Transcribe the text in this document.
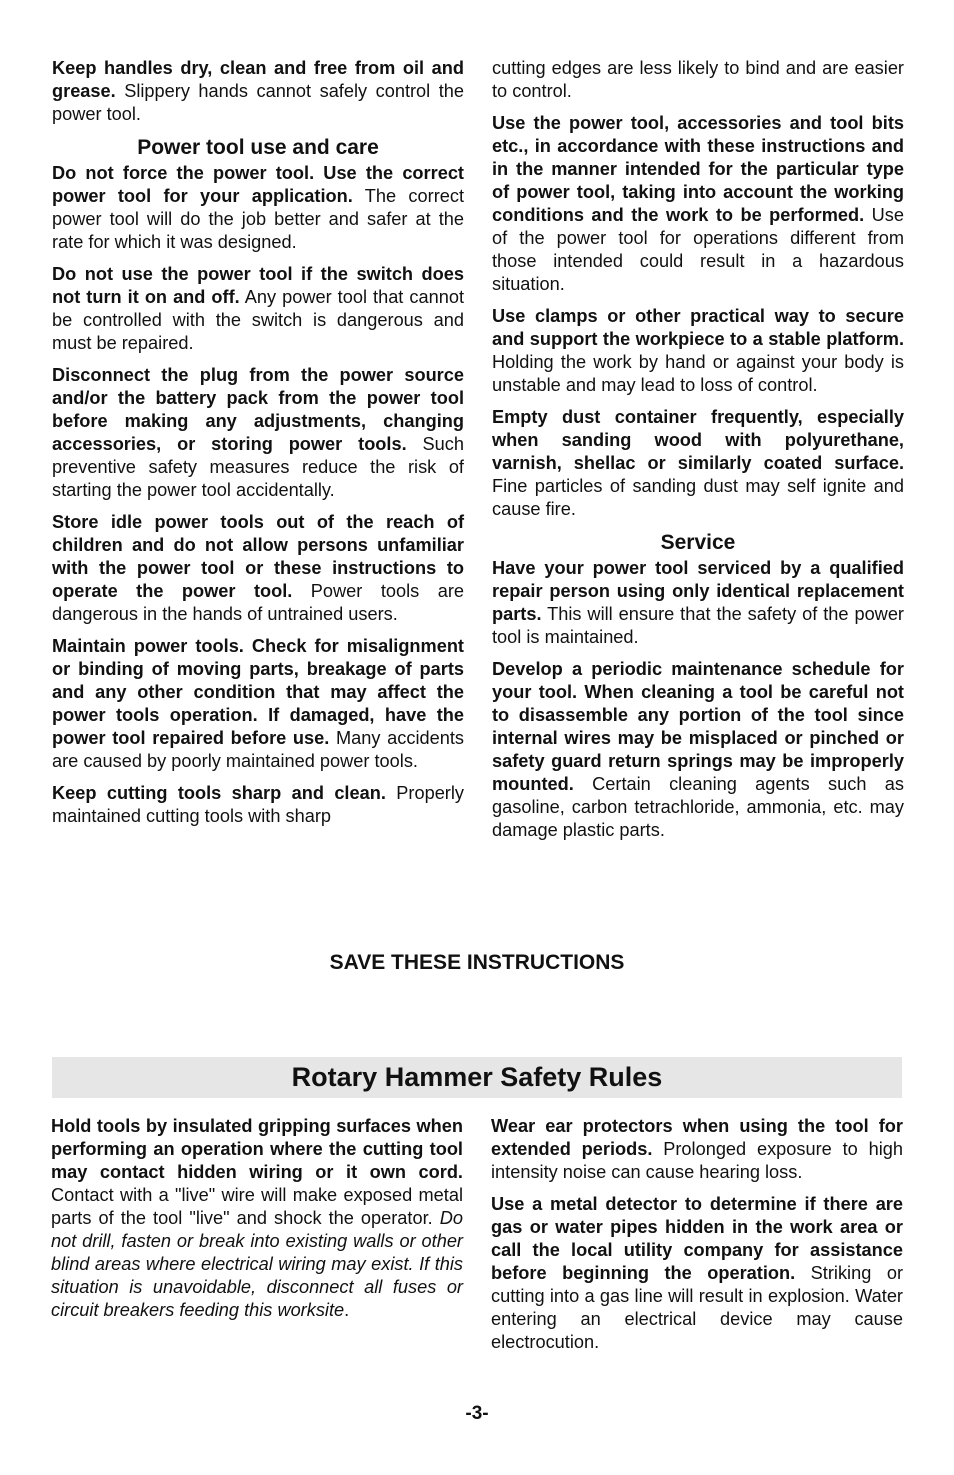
Keep handles dry, clean and free from oil and grease. Slippery hands cannot safely control the power tool.

Power tool use and care

Do not force the power tool. Use the correct power tool for your application. The correct power tool will do the job better and safer at the rate for which it was designed.

Do not use the power tool if the switch does not turn it on and off. Any power tool that cannot be controlled with the switch is dangerous and must be repaired.

Disconnect the plug from the power source and/or the battery pack from the power tool before making any adjustments, changing accessories, or storing power tools. Such preventive safety measures reduce the risk of starting the power tool accidentally.

Store idle power tools out of the reach of children and do not allow persons unfamiliar with the power tool or these instructions to operate the power tool. Power tools are dangerous in the hands of untrained users.

Maintain power tools. Check for misalignment or binding of moving parts, breakage of parts and any other condition that may affect the power tools operation. If damaged, have the power tool repaired before use. Many accidents are caused by poorly maintained power tools.

Keep cutting tools sharp and clean. Properly maintained cutting tools with sharp

cutting edges are less likely to bind and are easier to control.

Use the power tool, accessories and tool bits etc., in accordance with these instructions and in the manner intended for the particular type of power tool, taking into account the working conditions and the work to be performed. Use of the power tool for operations different from those intended could result in a hazardous situation.

Use clamps or other practical way to secure and support the workpiece to a stable platform. Holding the work by hand or against your body is unstable and may lead to loss of control.

Empty dust container frequently, especially when sanding wood with polyurethane, varnish, shellac or similarly coated surface. Fine particles of sanding dust may self ignite and cause fire.

Service

Have your power tool serviced by a qualified repair person using only identical replacement parts. This will ensure that the safety of the power tool is maintained.

Develop a periodic maintenance schedule for your tool. When cleaning a tool be careful not to disassemble any portion of the tool since internal wires may be misplaced or pinched or safety guard return springs may be improperly mounted. Certain cleaning agents such as gasoline, carbon tetrachloride, ammonia, etc. may damage plastic parts.

SAVE THESE INSTRUCTIONS
Rotary Hammer Safety Rules

Hold tools by insulated gripping surfaces when performing an operation where the cutting tool may contact hidden wiring or it own cord. Contact with a "live" wire will make exposed metal parts of the tool "live" and shock the operator. Do not drill, fasten or break into existing walls or other blind areas where electrical wiring may exist. If this situation is unavoidable, disconnect all fuses or circuit breakers feeding this worksite.

Wear ear protectors when using the tool for extended periods. Prolonged exposure to high intensity noise can cause hearing loss.

Use a metal detector to determine if there are gas or water pipes hidden in the work area or call the local utility company for assistance before beginning the operation. Striking or cutting into a gas line will result in explosion. Water entering an electrical device may cause electrocution.

-3-
